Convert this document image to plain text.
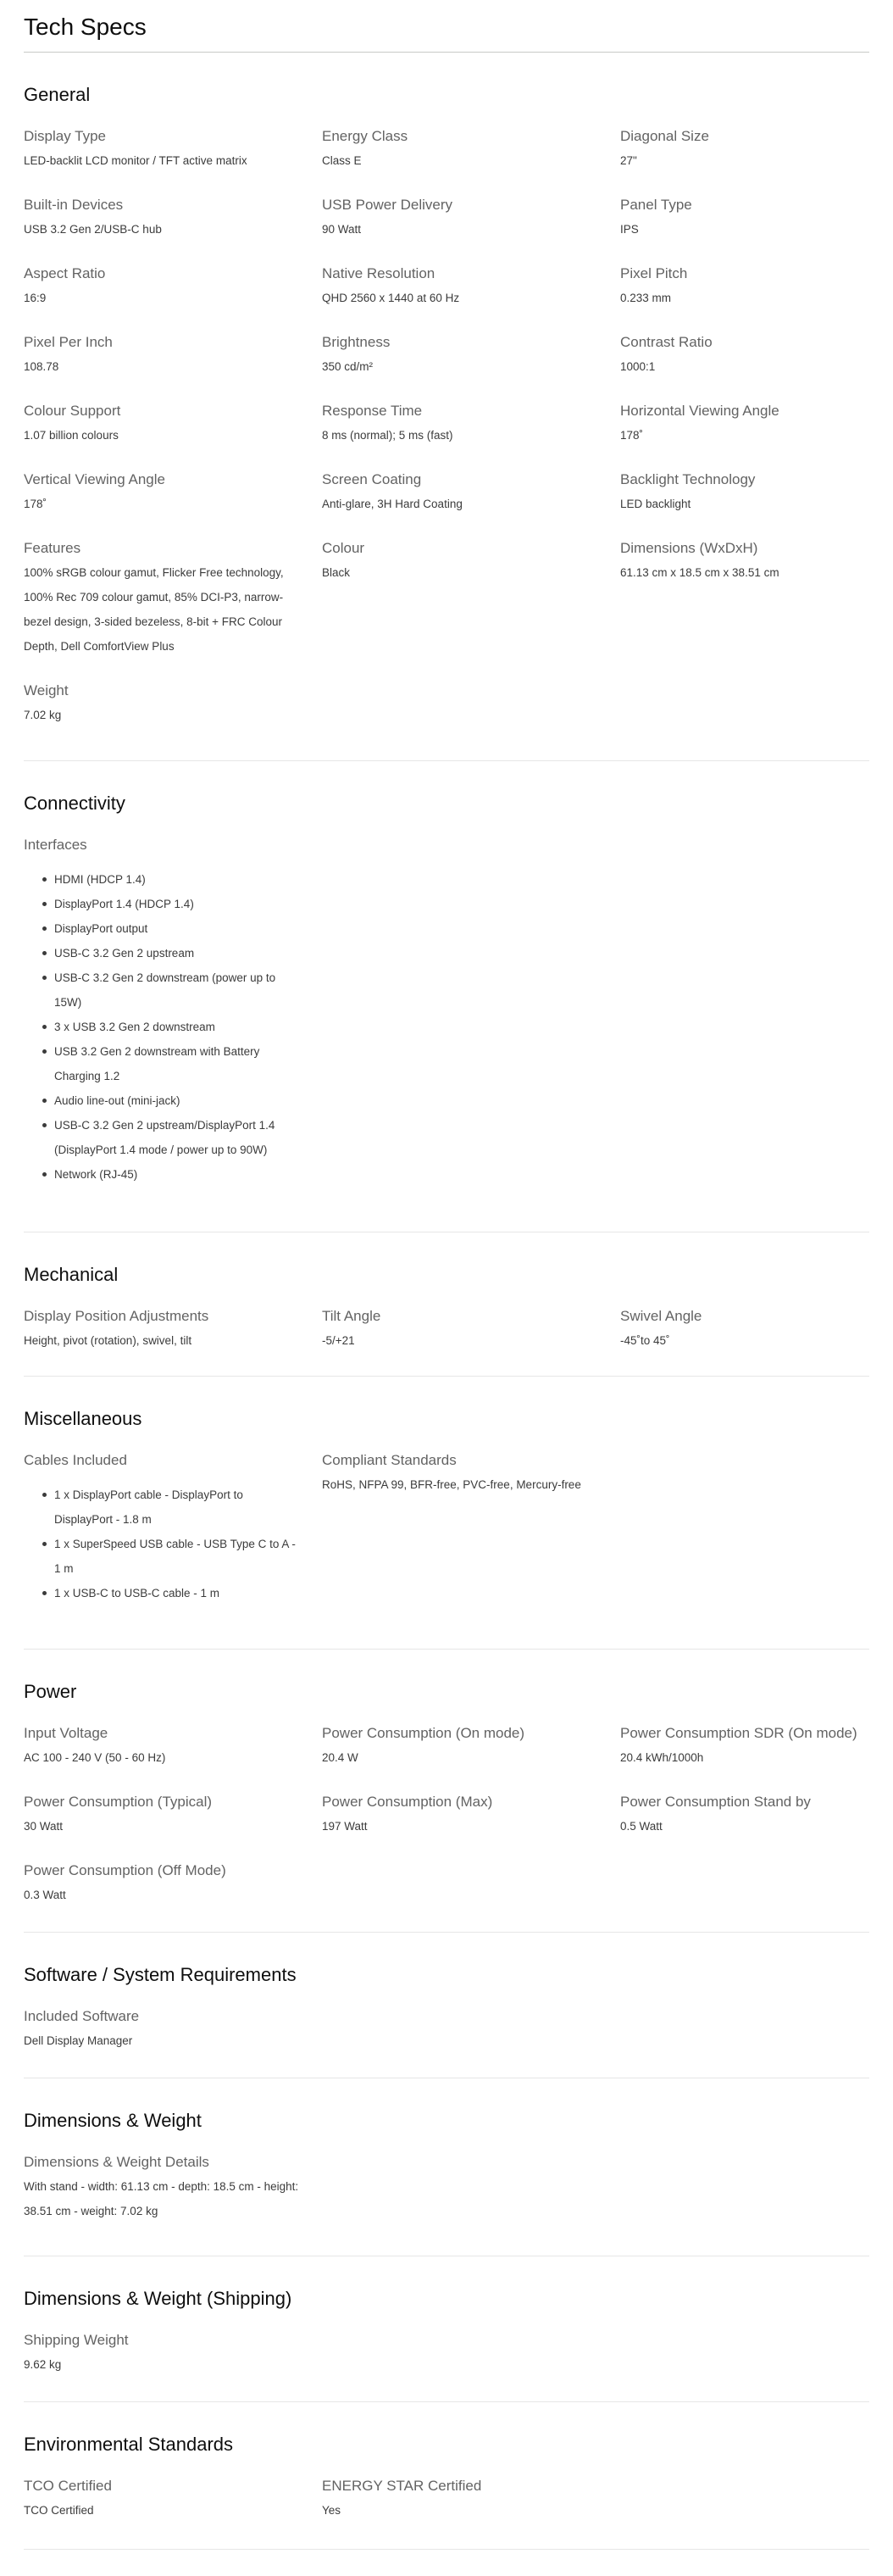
Tech Specs
General
Display Type
LED-backlit LCD monitor / TFT active matrix
Energy Class
Class E
Diagonal Size
27"
Built-in Devices
USB 3.2 Gen 2/USB-C hub
USB Power Delivery
90 Watt
Panel Type
IPS
Aspect Ratio
16:9
Native Resolution
QHD 2560 x 1440 at 60 Hz
Pixel Pitch
0.233 mm
Pixel Per Inch
108.78
Brightness
350 cd/m²
Contrast Ratio
1000:1
Colour Support
1.07 billion colours
Response Time
8 ms (normal); 5 ms (fast)
Horizontal Viewing Angle
178˚
Vertical Viewing Angle
178˚
Screen Coating
Anti-glare, 3H Hard Coating
Backlight Technology
LED backlight
Features
100% sRGB colour gamut, Flicker Free technology, 100% Rec 709 colour gamut, 85% DCI-P3, narrow-bezel design, 3-sided bezeless, 8-bit + FRC Colour Depth, Dell ComfortView Plus
Colour
Black
Dimensions (WxDxH)
61.13 cm x 18.5 cm x 38.51 cm
Weight
7.02 kg
Connectivity
Interfaces
HDMI (HDCP 1.4)
DisplayPort 1.4 (HDCP 1.4)
DisplayPort output
USB-C 3.2 Gen 2 upstream
USB-C 3.2 Gen 2 downstream (power up to 15W)
3 x USB 3.2 Gen 2 downstream
USB 3.2 Gen 2 downstream with Battery Charging 1.2
Audio line-out (mini-jack)
USB-C 3.2 Gen 2 upstream/DisplayPort 1.4 (DisplayPort 1.4 mode / power up to 90W)
Network (RJ-45)
Mechanical
Display Position Adjustments
Height, pivot (rotation), swivel, tilt
Tilt Angle
-5/+21
Swivel Angle
-45˚to 45˚
Miscellaneous
Cables Included
1 x DisplayPort cable - DisplayPort to DisplayPort - 1.8 m
1 x SuperSpeed USB cable - USB Type C to A - 1 m
1 x USB-C to USB-C cable - 1 m
Compliant Standards
RoHS, NFPA 99, BFR-free, PVC-free, Mercury-free
Power
Input Voltage
AC 100 - 240 V (50 - 60 Hz)
Power Consumption (On mode)
20.4 W
Power Consumption SDR (On mode)
20.4 kWh/1000h
Power Consumption (Typical)
30 Watt
Power Consumption (Max)
197 Watt
Power Consumption Stand by
0.5 Watt
Power Consumption (Off Mode)
0.3 Watt
Software / System Requirements
Included Software
Dell Display Manager
Dimensions & Weight
Dimensions & Weight Details
With stand - width: 61.13 cm - depth: 18.5 cm - height: 38.51 cm - weight: 7.02 kg
Dimensions & Weight (Shipping)
Shipping Weight
9.62 kg
Environmental Standards
TCO Certified
TCO Certified
ENERGY STAR Certified
Yes
